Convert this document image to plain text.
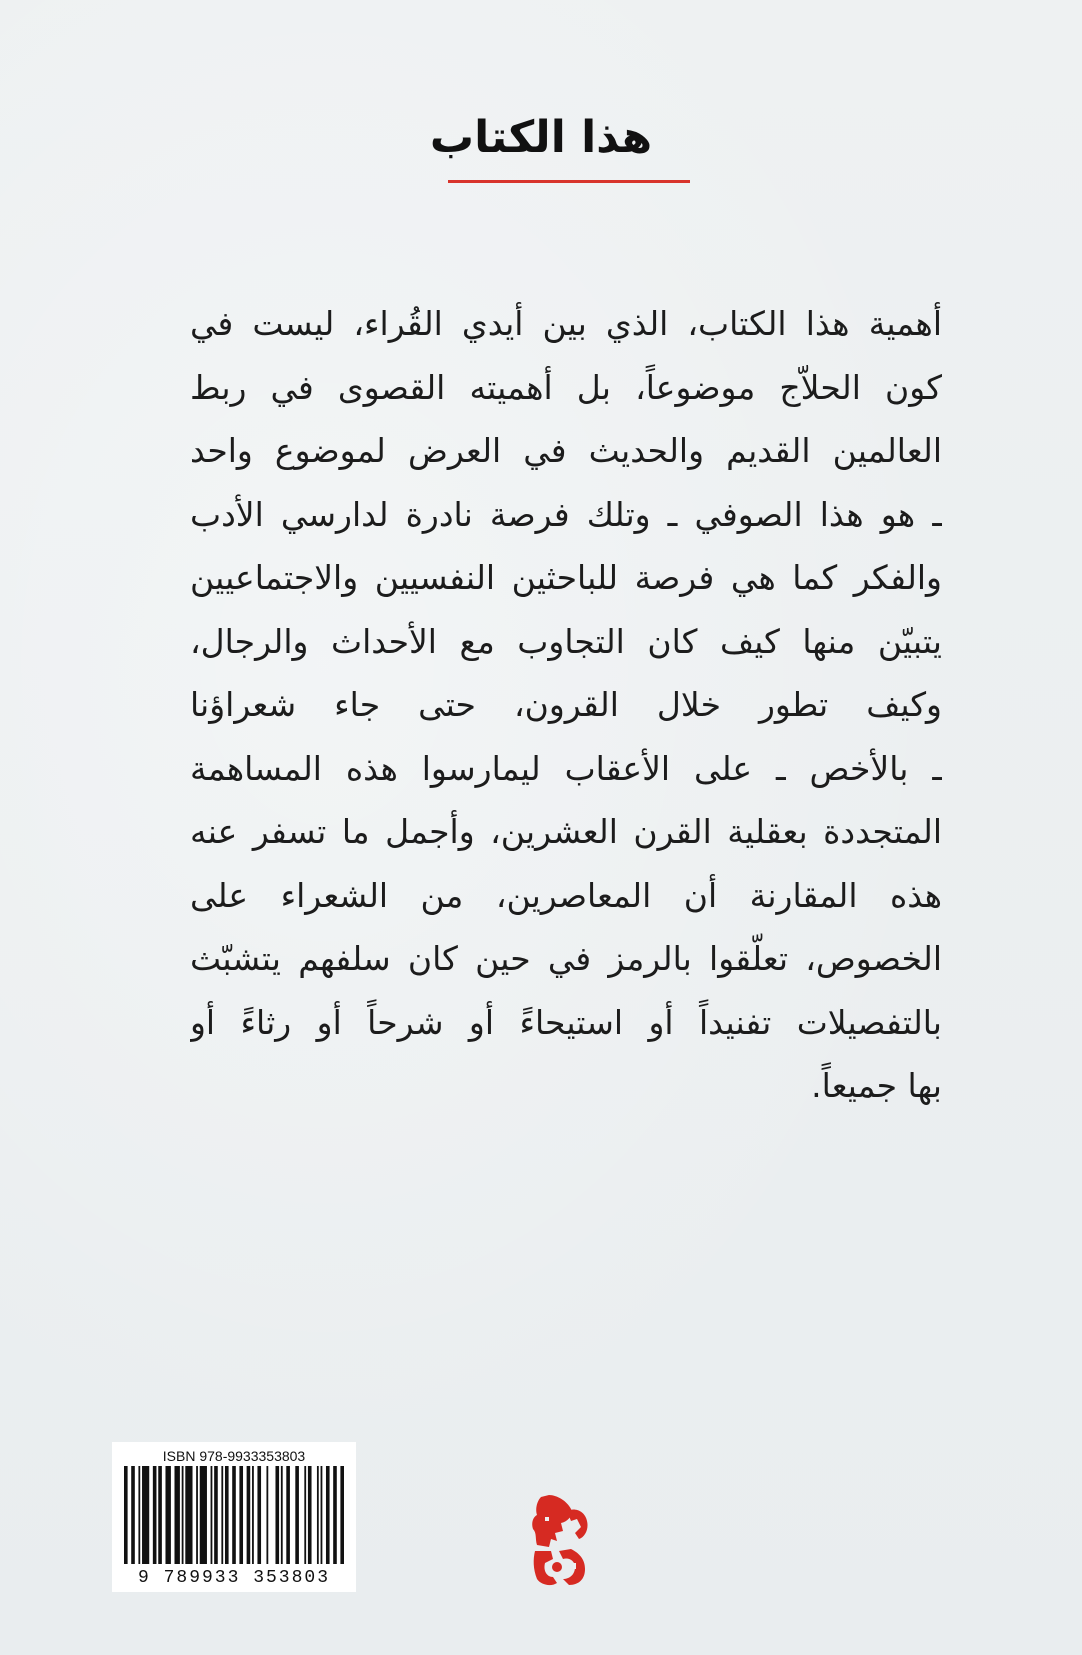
هذا الكتاب
أهمية هذا الكتاب، الذي بين أيدي القُراء، ليست في
كون الحلاّج موضوعاً، بل أهميته القصوى في ربط
العالمين القديم والحديث في العرض لموضوع واحد
ـ هو هذا الصوفي ـ وتلك فرصة نادرة لدارسي الأدب
والفكر كما هي فرصة للباحثين النفسيين والاجتماعيين
يتبيّن منها كيف كان التجاوب مع الأحداث والرجال،
وكيف تطور خلال القرون، حتى جاء شعراؤنا
ـ بالأخص ـ على الأعقاب ليمارسوا هذه المساهمة
المتجددة بعقلية القرن العشرين، وأجمل ما تسفر عنه
هذه المقارنة أن المعاصرين، من الشعراء على
الخصوص، تعلّقوا بالرمز في حين كان سلفهم يتشبّث
بالتفصيلات تفنيداً أو استيحاءً أو شرحاً أو رثاءً أو
بها جميعاً.
ISBN 978-9933353803
9 789933 353803
